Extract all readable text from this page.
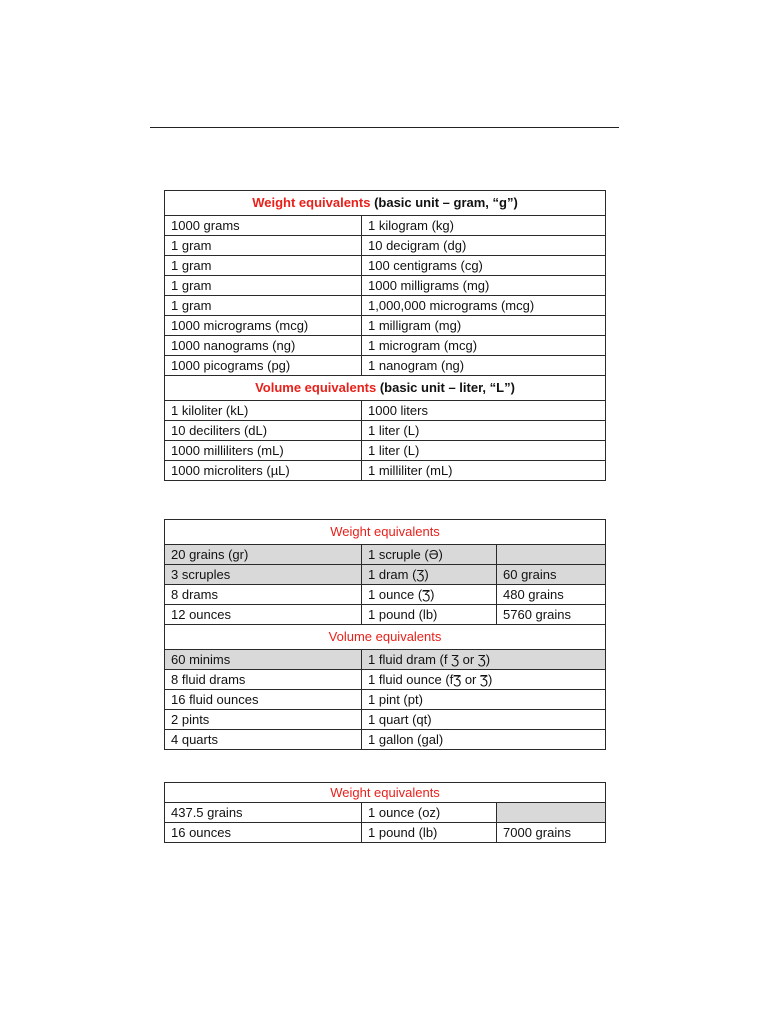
Weight equivalents (basic unit – gram, “g”)	
1000 grams	1 kilogram (kg)
1 gram	10 decigram (dg)
1 gram	100 centigrams (cg)
1 gram	1000 milligrams (mg)
1 gram	1,000,000 micrograms (mcg)
1000 micrograms (mcg)	1 milligram (mg)
1000 nanograms (ng)	1 microgram (mcg)
1000 picograms (pg)	1 nanogram (ng)
Volume equivalents (basic unit – liter, “L”)	
1 kiloliter (kL)	1000 liters
10 deciliters (dL)	1 liter (L)
1000 milliliters (mL)	1 liter (L)
1000 microliters (µL)	1 milliliter (mL)
Weight equivalents		
20 grains (gr)	1 scruple (Ə)	
3 scruples	1 dram (Ʒ)	60 grains
8 drams	1 ounce (Ʒ̅)	480 grains
12 ounces	1 pound (lb)	5760 grains
Volume equivalents		
60 minims	1 fluid dram (f Ʒ or Ʒ)	
8 fluid drams	1 fluid ounce (fƷ̅ or Ʒ̅)	
16 fluid ounces	1 pint (pt)	
2 pints	1 quart (qt)	
4 quarts	1 gallon (gal)	
Weight equivalents		
437.5 grains	1 ounce (oz)	
16 ounces	1 pound (lb)	7000 grains
